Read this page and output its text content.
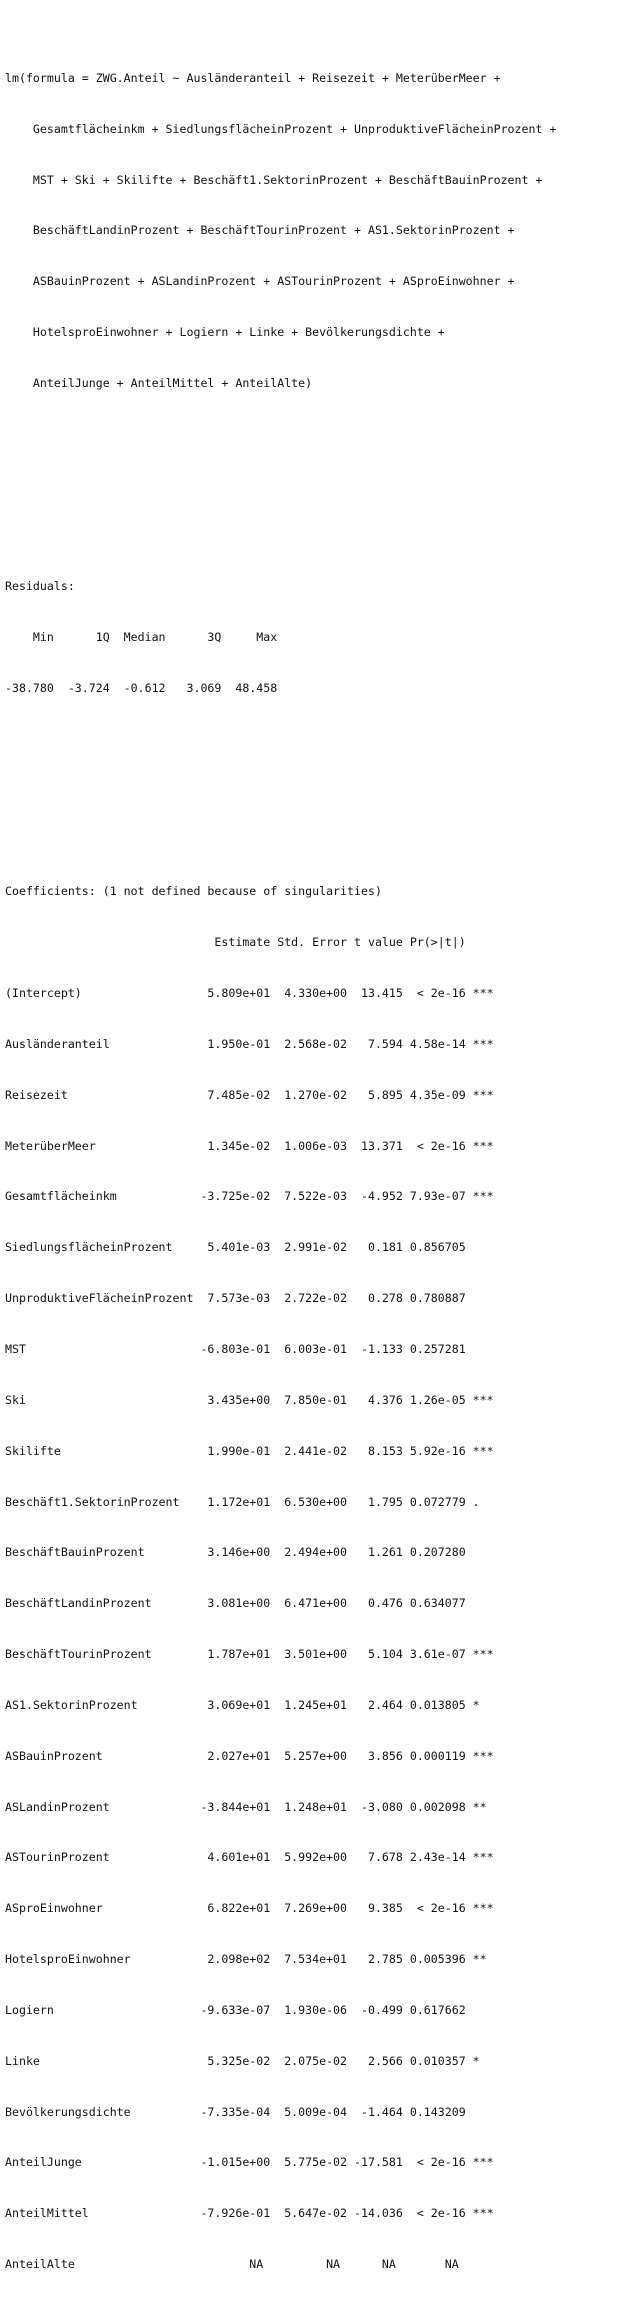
lm(formula = ZWG.Anteil ~ Ausländeranteil + Reisezeit + MeterüberMeer +

Gesamtflächeinkm + SiedlungsflächeinProzent + UnproduktiveFlächeinProzent +

MST + Ski + Skilifte + Beschäft1.SektorinProzent + BeschäftBauinProzent +

BeschäftLandinProzent + BeschäftTourinProzent + AS1.SektorinProzent +

ASBauinProzent + ASLandinProzent + ASTourinProzent + ASproEinwohner +

HotelsproEinwohner + Logiern + Linke + Bevölkerungsdichte +

AnteilJunge + AnteilMittel + AnteilAlte)

Residuals:

Min      1Q  Median      3Q     Max

-38.780  -3.724  -0.612   3.069  48.458

Coefficients: (1 not defined because of singularities)

Estimate Std. Error t value Pr(>|t|)

(Intercept)                  5.809e+01  4.330e+00  13.415  < 2e-16 ***

Ausländeranteil              1.950e-01  2.568e-02   7.594 4.58e-14 ***

Reisezeit                    7.485e-02  1.270e-02   5.895 4.35e-09 ***

MeterüberMeer                1.345e-02  1.006e-03  13.371  < 2e-16 ***

Gesamtflächeinkm            -3.725e-02  7.522e-03  -4.952 7.93e-07 ***

SiedlungsflächeinProzent     5.401e-03  2.991e-02   0.181 0.856705

UnproduktiveFlächeinProzent  7.573e-03  2.722e-02   0.278 0.780887

MST                         -6.803e-01  6.003e-01  -1.133 0.257281

Ski                          3.435e+00  7.850e-01   4.376 1.26e-05 ***

Skilifte                     1.990e-01  2.441e-02   8.153 5.92e-16 ***

Beschäft1.SektorinProzent    1.172e+01  6.530e+00   1.795 0.072779 .

BeschäftBauinProzent         3.146e+00  2.494e+00   1.261 0.207280

BeschäftLandinProzent        3.081e+00  6.471e+00   0.476 0.634077

BeschäftTourinProzent        1.787e+01  3.501e+00   5.104 3.61e-07 ***

AS1.SektorinProzent          3.069e+01  1.245e+01   2.464 0.013805 *

ASBauinProzent               2.027e+01  5.257e+00   3.856 0.000119 ***

ASLandinProzent             -3.844e+01  1.248e+01  -3.080 0.002098 **

ASTourinProzent              4.601e+01  5.992e+00   7.678 2.43e-14 ***

ASproEinwohner               6.822e+01  7.269e+00   9.385  < 2e-16 ***

HotelsproEinwohner           2.098e+02  7.534e+01   2.785 0.005396 **

Logiern                     -9.633e-07  1.930e-06  -0.499 0.617662

Linke                        5.325e-02  2.075e-02   2.566 0.010357 *

Bevölkerungsdichte          -7.335e-04  5.009e-04  -1.464 0.143209

AnteilJunge                 -1.015e+00  5.775e-02 -17.581  < 2e-16 ***

AnteilMittel                -7.926e-01  5.647e-02 -14.036  < 2e-16 ***

AnteilAlte                         NA         NA      NA       NA
